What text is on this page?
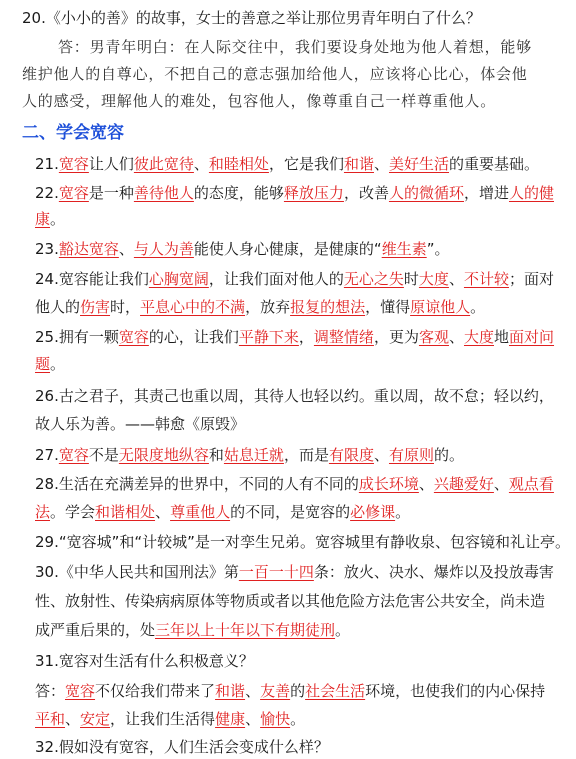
20.《小小的善》的故事，女士的善意之举让那位男青年明白了什么？
答：男青年明白：在人际交往中，我们要设身处地为他人着想，能够
维护他人的自尊心，不把自己的意志强加给他人，应该将心比心，体会他
人的感受，理解他人的难处，包容他人，像尊重自己一样尊重他人。
二、学会宽容
21.宽容让人们彼此宽待、和睦相处，它是我们和谐、美好生活的重要基础。
22.宽容是一种善待他人的态度，能够释放压力，改善人的微循环，增进人的健
康。
23.豁达宽容、与人为善能使人身心健康，是健康的“维生素”。
24.宽容能让我们心胸宽阔，让我们面对他人的无心之失时大度、不计较；面对
他人的伤害时，平息心中的不满，放弃报复的想法，懂得原谅他人。
25.拥有一颗宽容的心，让我们平静下来，调整情绪，更为客观、大度地面对问
题。
26.古之君子，其责己也重以周，其待人也轻以约。重以周，故不怠；轻以约，
故人乐为善。——韩愈《原毁》
27.宽容不是无限度地纵容和姑息迁就，而是有限度、有原则的。
28.生活在充满差异的世界中，不同的人有不同的成长环境、兴趣爱好、观点看
法。学会和谐相处、尊重他人的不同，是宽容的必修课。
29.“宽容城”和“计较城”是一对孪生兄弟。宽容城里有静收泉、包容镜和礼让亭。
30.《中华人民共和国刑法》第一百一十四条：放火、决水、爆炸以及投放毒害
性、放射性、传染病病原体等物质或者以其他危险方法危害公共安全，尚未造
成严重后果的，处三年以上十年以下有期徒刑。
31.宽容对生活有什么积极意义？
答：宽容不仅给我们带来了和谐、友善的社会生活环境，也使我们的内心保持
平和、安定，让我们生活得健康、愉快。
32.假如没有宽容，人们生活会变成什么样？
